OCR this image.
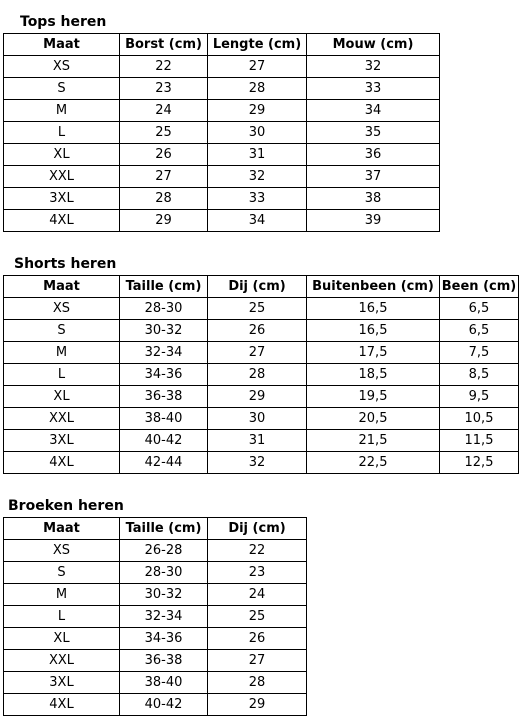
Tops heren
Maat	Borst (cm)	Lengte (cm)	Mouw (cm)
XS	22	27	32
S	23	28	33
M	24	29	34
L	25	30	35
XL	26	31	36
XXL	27	32	37
3XL	28	33	38
4XL	29	34	39
Shorts heren
Maat	Taille (cm)	Dij (cm)	Buitenbeen (cm)	Been (cm)
XS	28-30	25	16,5	6,5
S	30-32	26	16,5	6,5
M	32-34	27	17,5	7,5
L	34-36	28	18,5	8,5
XL	36-38	29	19,5	9,5
XXL	38-40	30	20,5	10,5
3XL	40-42	31	21,5	11,5
4XL	42-44	32	22,5	12,5
Broeken heren
Maat	Taille (cm)	Dij (cm)
XS	26-28	22
S	28-30	23
M	30-32	24
L	32-34	25
XL	34-36	26
XXL	36-38	27
3XL	38-40	28
4XL	40-42	29
